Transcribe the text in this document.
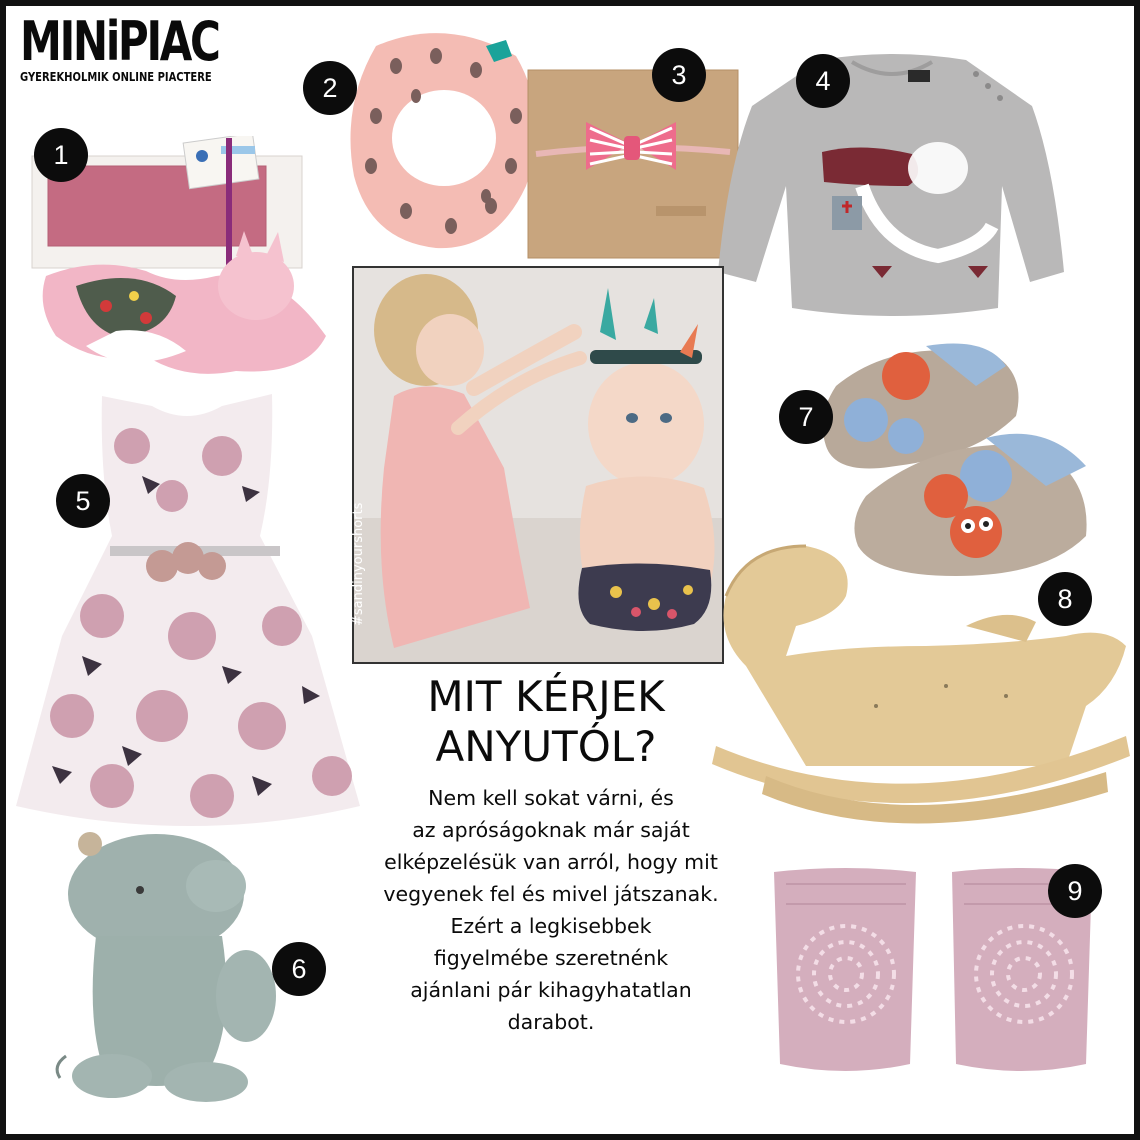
MINiPIAC
GYEREKHOLMIK ONLINE PIACTERE
1
2	3	4
5
6
#sandinyourshorts
7
8
9
MIT KÉRJEK
ANYUTÓL?
Nem kell sokat várni, és
az apróságoknak már saját
elképzelésük van arról, hogy mit
vegyenek fel és mivel játszanak.
Ezért a legkisebbek
figyelmébe szeretnénk
ajánlani pár kihagyhatatlan
darabot.
